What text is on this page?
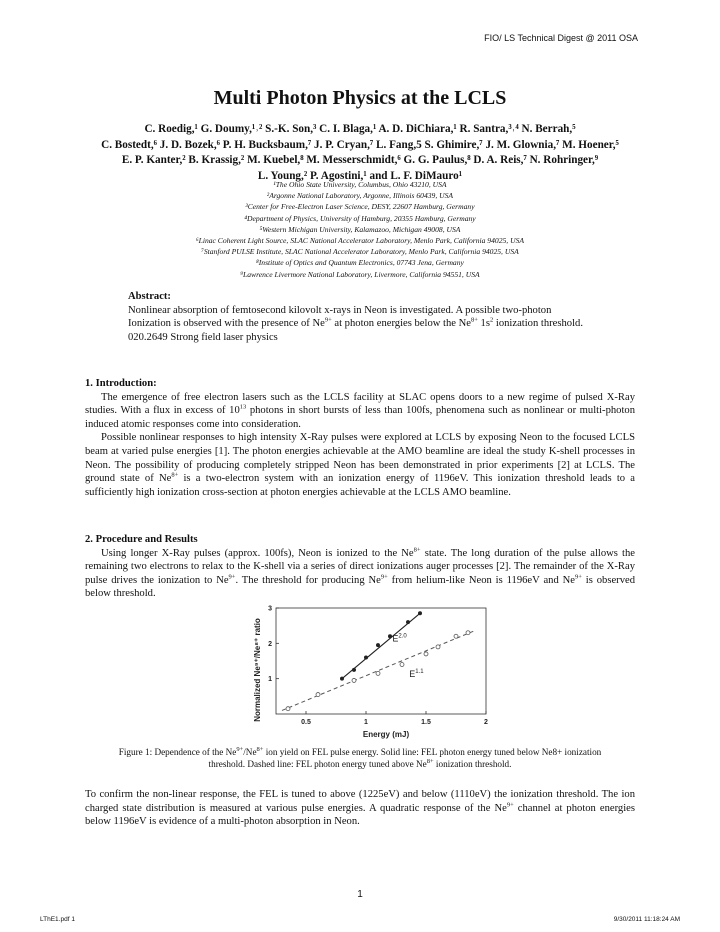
FIO/ LS Technical Digest @ 2011 OSA
Multi Photon Physics at the LCLS
C. Roedig,¹ G. Doumy,¹˒² S.-K. Son,³ C. I. Blaga,¹ A. D. DiChiara,¹ R. Santra,³˒⁴ N. Berrah,⁵
C. Bostedt,⁶ J. D. Bozek,⁶ P. H. Bucksbaum,⁷ J. P. Cryan,⁷ L. Fang,5 S. Ghimire,⁷ J. M. Glownia,⁷ M. Hoener,⁵
E. P. Kanter,² B. Krassig,² M. Kuebel,⁸ M. Messerschmidt,⁶ G. G. Paulus,⁸ D. A. Reis,⁷ N. Rohringer,⁹
L. Young,² P. Agostini,¹ and L. F. DiMauro¹
¹The Ohio State University, Columbus, Ohio 43210, USA
²Argonne National Laboratory, Argonne, Illinois 60439, USA
³Center for Free-Electron Laser Science, DESY, 22607 Hamburg, Germany
⁴Department of Physics, University of Hamburg, 20355 Hamburg, Germany
⁵Western Michigan University, Kalamazoo, Michigan 49008, USA
⁶Linac Coherent Light Source, SLAC National Accelerator Laboratory, Menlo Park, California 94025, USA
⁷Stanford PULSE Institute, SLAC National Accelerator Laboratory, Menlo Park, California 94025, USA
⁸Institute of Optics and Quantum Electronics, 07743 Jena, Germany
⁹Lawrence Livermore National Laboratory, Livermore, California 94551, USA
Abstract:
Nonlinear absorption of femtosecond kilovolt x-rays in Neon is investigated. A possible two-photon Ionization is observed with the presence of $Ne^{9+}$ at photon energies below the $Ne^{8+}$ $1s^2$ ionization threshold.
020.2649 Strong field laser physics
1. Introduction:

The emergence of free electron lasers such as the LCLS facility at SLAC opens doors to a new regime of pulsed X-Ray studies. With a flux in excess of $10^{13}$ photons in short bursts of less than 100fs, phenomena such as nonlinear or multi-photon induced atomic responses come into consideration.

Possible nonlinear responses to high intensity X-Ray pulses were explored at LCLS by exposing Neon to the focused LCLS beam at varied pulse energies [1]. The photon energies achievable at the AMO beamline are ideal the study K-shell processes in Neon. The possibility of producing completely stripped Neon has been demonstrated in prior experiments [2] at LCLS. The ground state of $Ne^{8+}$ is a two-electron system with an ionization energy of 1196eV. This ionization threshold leads to a sufficiently high ionization cross-section at photon energies achievable at the LCLS AMO beamline.

2. Procedure and Results

Using longer X-Ray pulses (approx. 100fs), Neon is ionized to the $Ne^{8+}$ state. The long duration of the pulse allows the remaining two electrons to relax to the K-shell via a series of direct ionizations auger processes [2]. The remainder of the X-Ray pulse drives the ionization to $Ne^{9+}$. The threshold for producing $Ne^{9+}$ from helium-like Neon is 1196eV and $Ne^{9+}$ is observed below threshold.

Normalized Ne⁹⁺/Ne⁸⁺ ratio
Energy (mJ)
0.5	1	1.5	2
1
2
3
$E^{2.0}$
$E^{1.1}$
Figure 1: Dependence of the $Ne^{9+}/Ne^{8+}$ ion yield on FEL pulse energy. Solid line: FEL photon energy tuned below Ne8+ ionization threshold. Dashed line: FEL photon energy tuned above $Ne^{8+}$ ionization threshold.

To confirm the non-linear response, the FEL is tuned to above (1225eV) and below (1110eV) the ionization threshold. The ion charged state distribution is measured at various pulse energies. A quadratic response of the $Ne^{9+}$ channel at photon energies below 1196eV is evidence of a multi-photon absorption in Neon.

1
LThE1.pdf 1	9/30/2011 11:18:24 AM
